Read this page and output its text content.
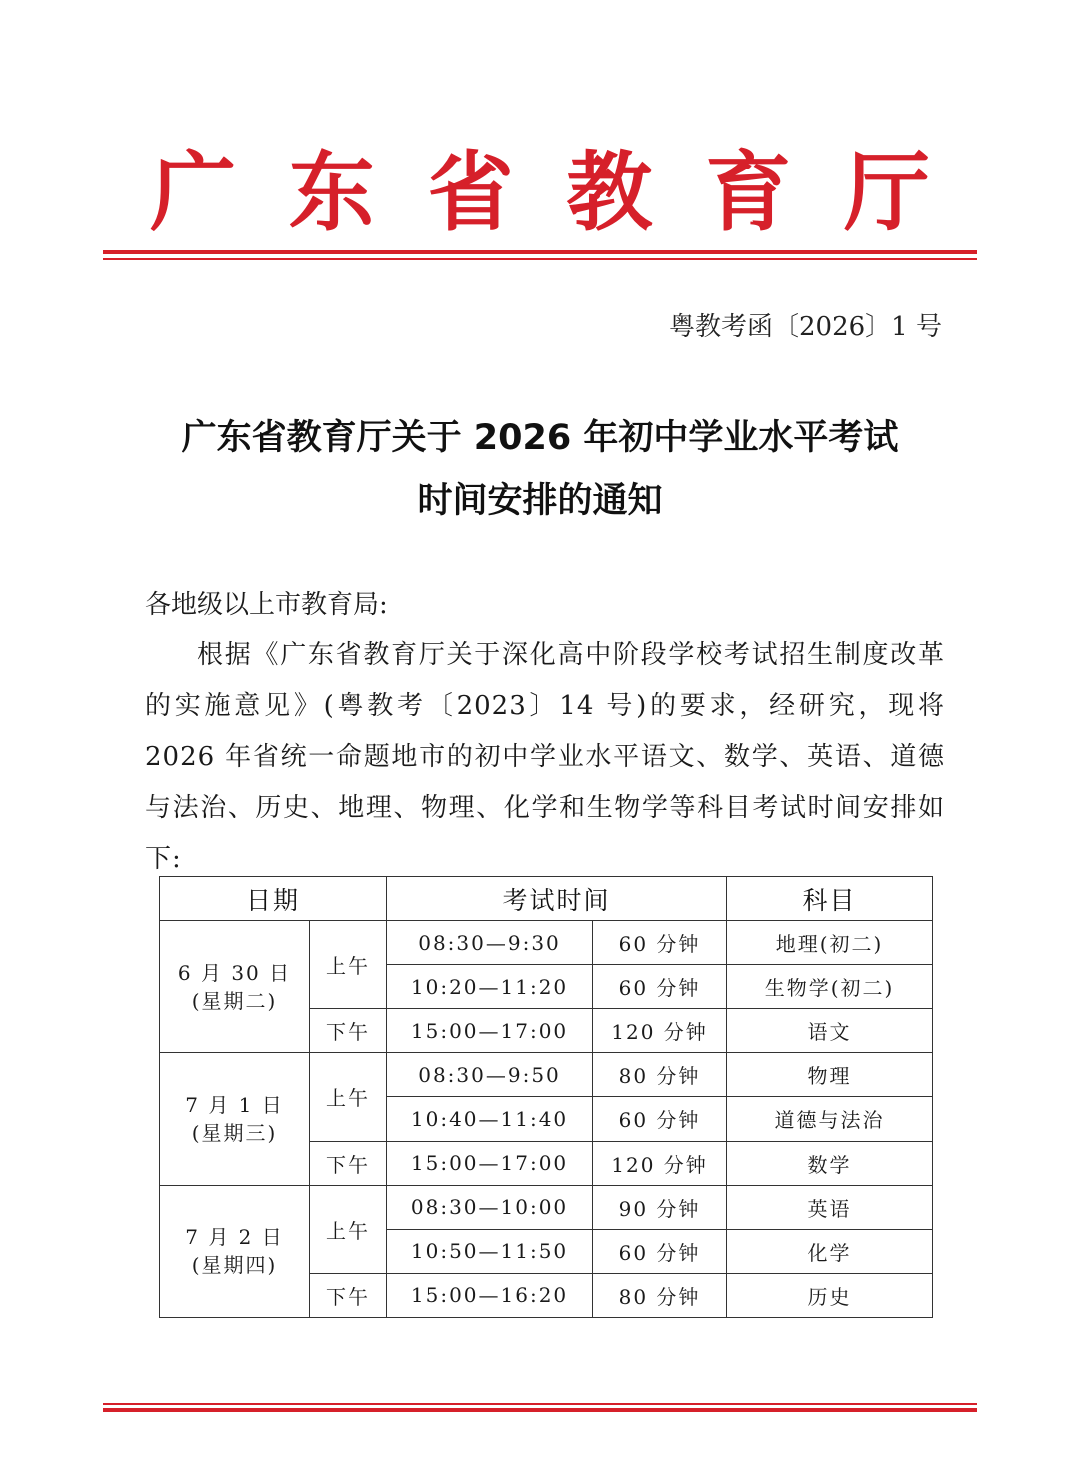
广 东 省 教 育 厅
粤教考函〔2026〕1 号
广东省教育厅关于 2026 年初中学业水平考试
时间安排的通知
各地级以上市教育局:
根据《广东省教育厅关于深化高中阶段学校考试招生制度改革的实施意见》(粤教考〔2023〕14 号)的要求，经研究，现将 2026 年省统一命题地市的初中学业水平语文、数学、英语、道德与法治、历史、地理、物理、化学和生物学等科目考试时间安排如下:
日期		考试时间		科目

6 月 30 日
(星期二)	上午	08:30—9:30	60 分钟	地理(初二)
		10:20—11:20	60 分钟	生物学(初二)
	下午	15:00—17:00	120 分钟	语文

7 月 1 日
(星期三)	上午	08:30—9:50	80 分钟	物理
		10:40—11:40	60 分钟	道德与法治
	下午	15:00—17:00	120 分钟	数学

7 月 2 日
(星期四)	上午	08:30—10:00	90 分钟	英语
		10:50—11:50	60 分钟	化学
	下午	15:00—16:20	80 分钟	历史
